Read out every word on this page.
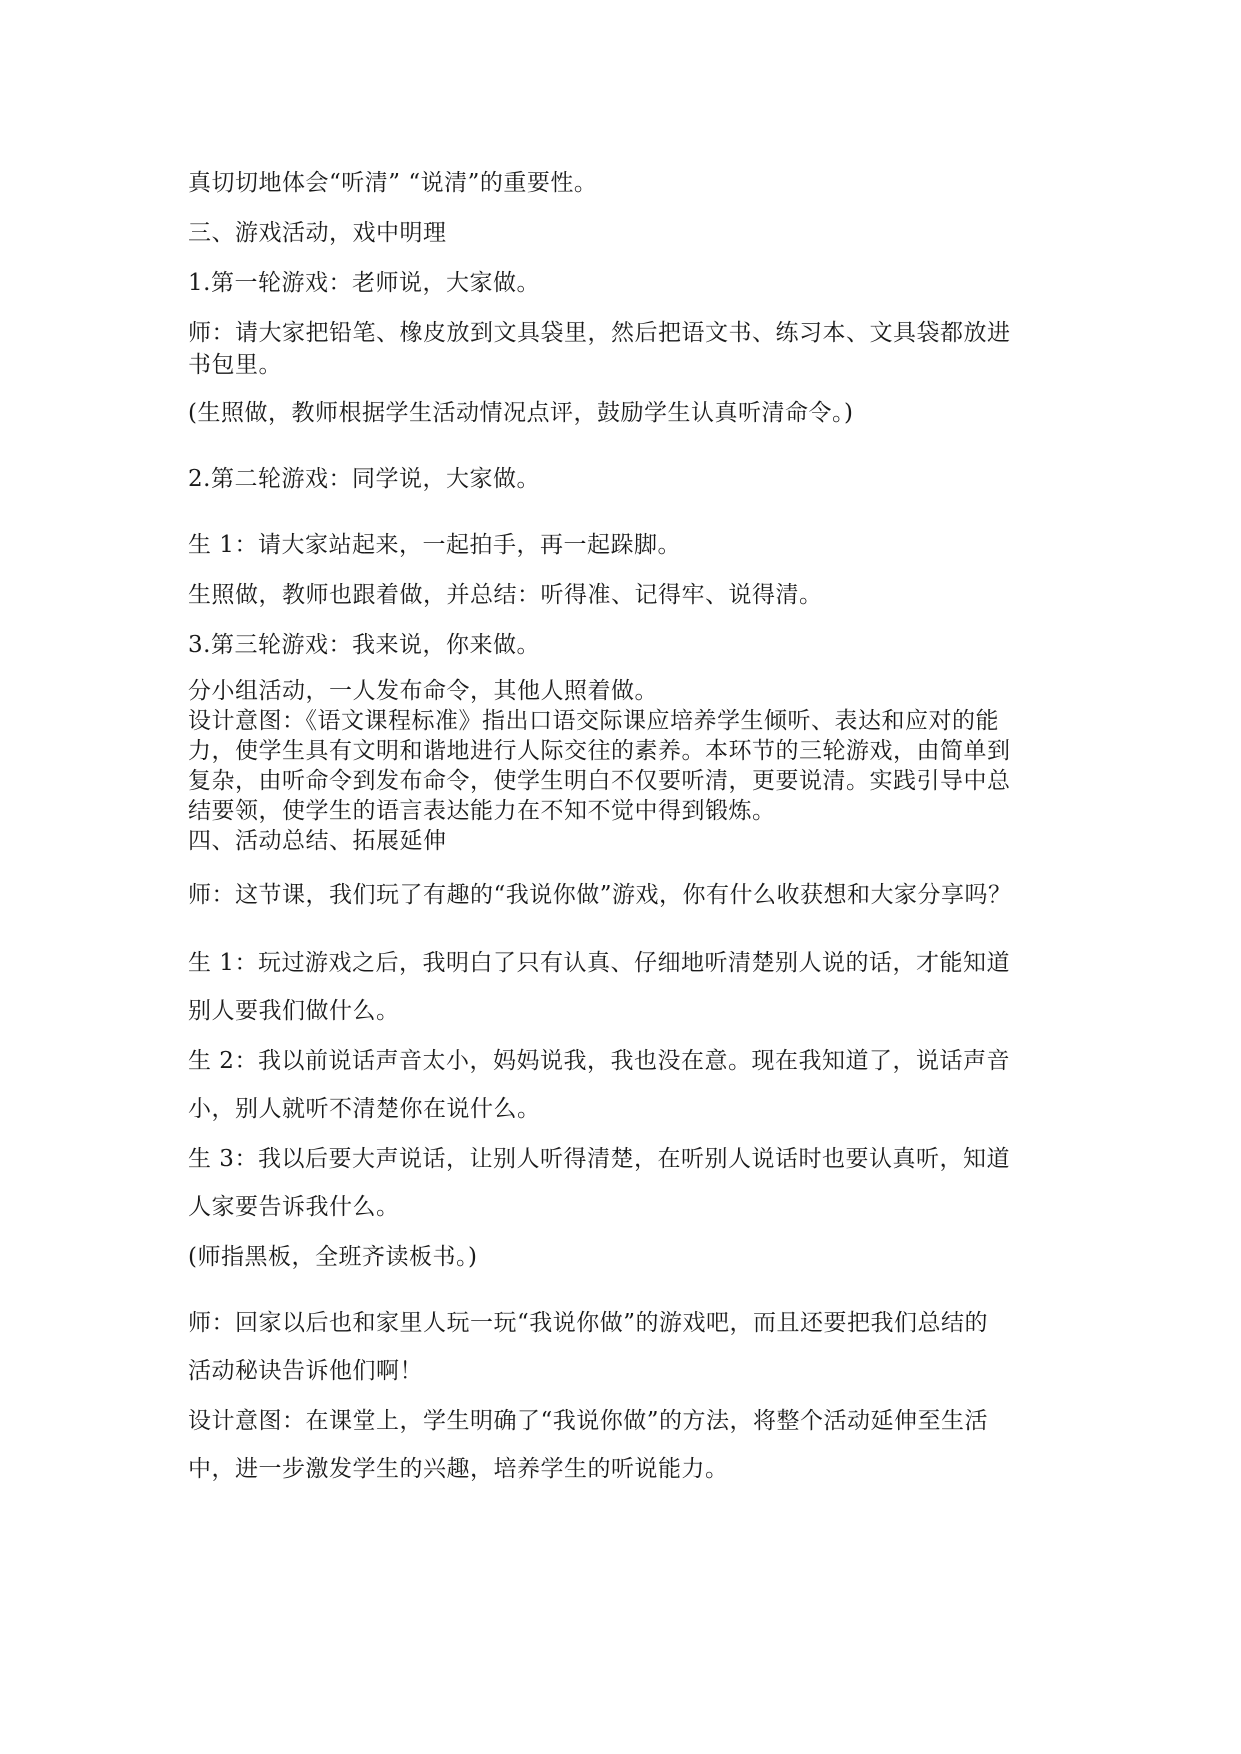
真切切地体会“听清” “说清”的重要性。
三、游戏活动，戏中明理
1.第一轮游戏：老师说，大家做。
师：请大家把铅笔、橡皮放到文具袋里，然后把语文书、练习本、文具袋都放进
书包里。
(生照做，教师根据学生活动情况点评，鼓励学生认真听清命令。)
2.第二轮游戏：同学说，大家做。
生 1：请大家站起来，一起拍手，再一起跺脚。
生照做，教师也跟着做，并总结：听得准、记得牢、说得清。
3.第三轮游戏：我来说，你来做。
分小组活动，一人发布命令，其他人照着做。
设计意图：《语文课程标准》指出口语交际课应培养学生倾听、表达和应对的能
力，使学生具有文明和谐地进行人际交往的素养。本环节的三轮游戏，由简单到
复杂，由听命令到发布命令，使学生明白不仅要听清，更要说清。实践引导中总
结要领，使学生的语言表达能力在不知不觉中得到锻炼。
四、活动总结、拓展延伸
师：这节课，我们玩了有趣的“我说你做”游戏，你有什么收获想和大家分享吗？
生 1：玩过游戏之后，我明白了只有认真、仔细地听清楚别人说的话，才能知道
别人要我们做什么。
生 2：我以前说话声音太小，妈妈说我，我也没在意。现在我知道了，说话声音
小，别人就听不清楚你在说什么。
生 3：我以后要大声说话，让别人听得清楚，在听别人说话时也要认真听，知道
人家要告诉我什么。
(师指黑板，全班齐读板书。)
师：回家以后也和家里人玩一玩“我说你做”的游戏吧，而且还要把我们总结的
活动秘诀告诉他们啊！
设计意图：在课堂上，学生明确了“我说你做”的方法，将整个活动延伸至生活
中，进一步激发学生的兴趣，培养学生的听说能力。
